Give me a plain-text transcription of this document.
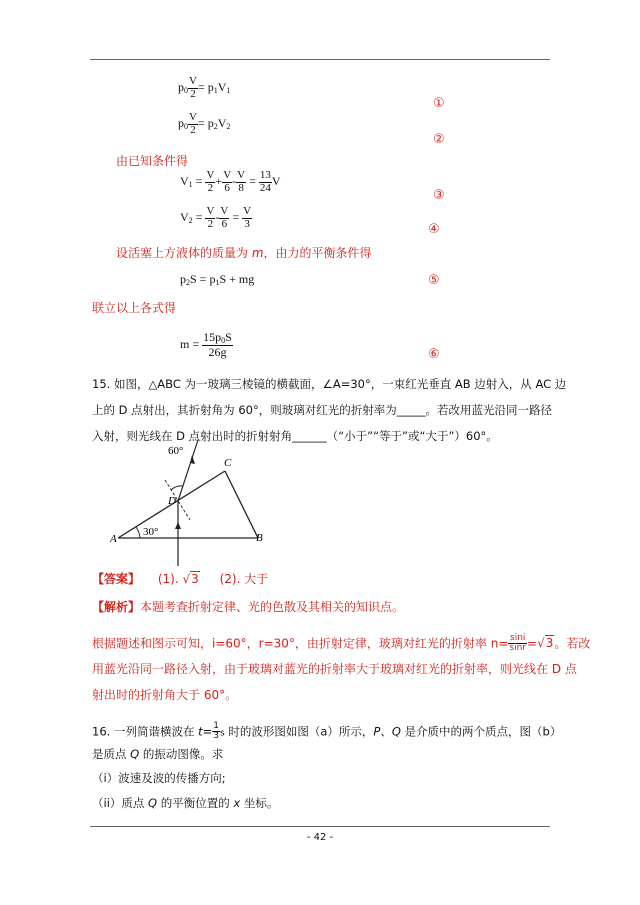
$p_0 \frac{V}{2} = p_1V_1$
①
$p_0 \frac{V}{2} = p_2V_2$
②
由已知条件得
$V_1 = \frac{V}{2} + \frac{V}{6} - \frac{V}{8} = \frac{13}{24}$ V
③
$V_2 = \frac{V}{2} - \frac{V}{6} = \frac{V}{3}$	④
设活塞上方液体的质量为 m，由力的平衡条件得
$p_2S = p_1S$ + mg	⑤
联立以上各式得
$m = \frac{15p_0S}{26g}$	⑥
15. 如图，△ABC 为一玻璃三棱镜的横截面，∠A=30°，一束红光垂直 AB 边射入，从 AC 边
上的 D 点射出，其折射角为 60°，则玻璃对红光的折射率为_____。若改用蓝光沿同一路径
入射，则光线在 D 点射出时的折射射角______（“小于”“等于”或“大于”）60°。
60°
30°
A	B
C
D
【答案】 (1). √3 (2). 大于
【解析】本题考查折射定律、光的色散及其相关的知识点。
根据题述和图示可知，i=60°，r=30°，由折射定律，玻璃对红光的折射率 $n= \frac{\sin i}{\sin r} =√3$。若改
用蓝光沿同一路径入射，由于玻璃对蓝光的折射率大于玻璃对红光的折射率，则光线在 D 点
射出时的折射角大于 60°。
16. 一列简谐横波在 $t= \frac{1}{3}$ s 时的波形图如图（a）所示，P、Q 是介质中的两个质点，图（b）
是质点 Q 的振动图像。求
（i）波速及波的传播方向;
（ii）质点 Q 的平衡位置的 x 坐标。
- 42 -
